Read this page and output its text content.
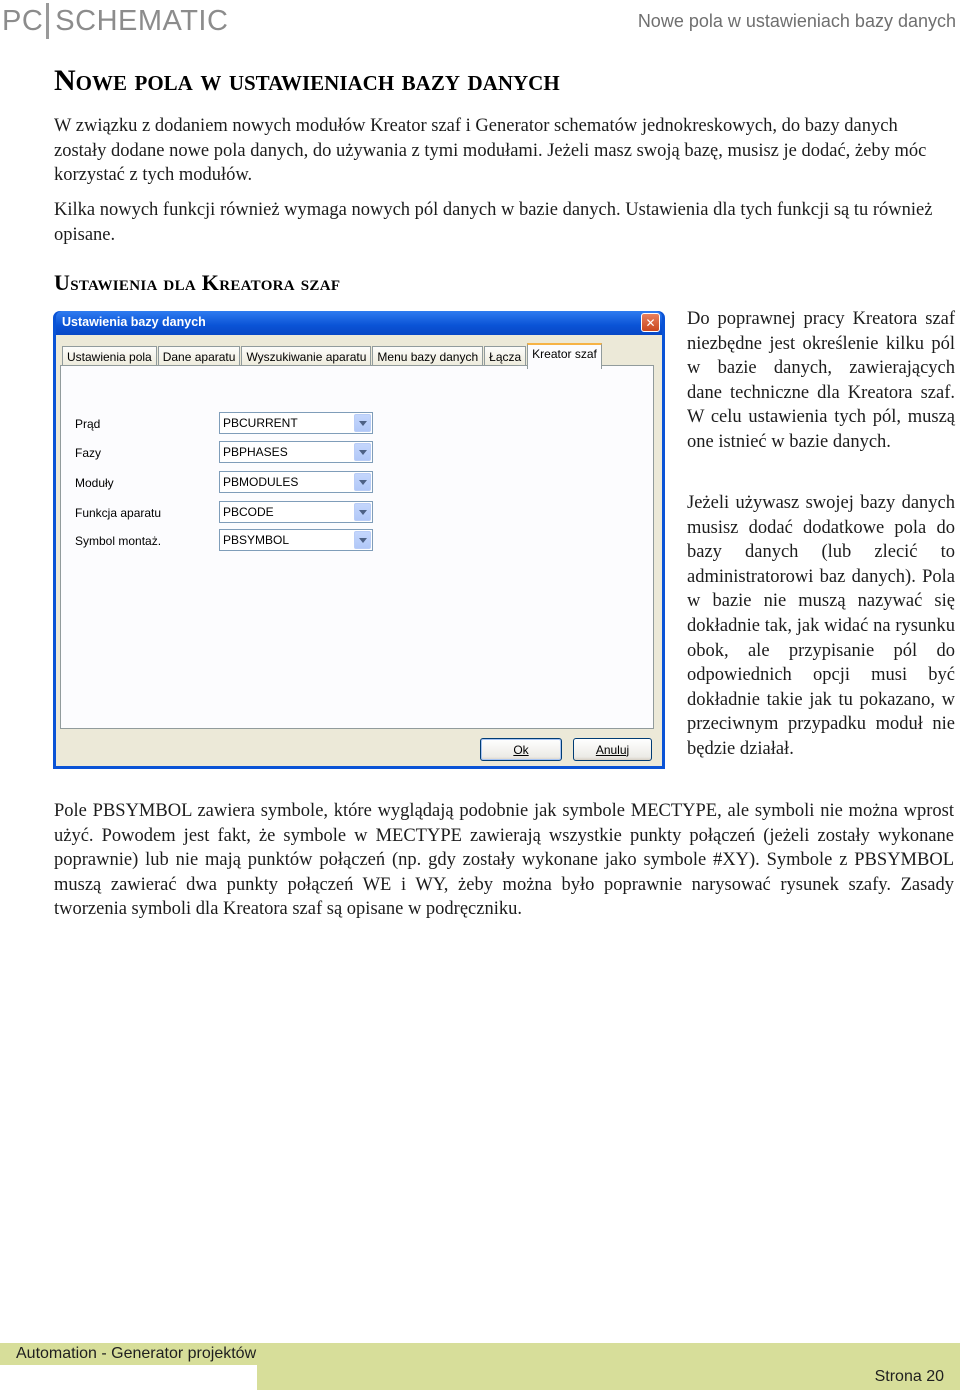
PC SCHEMATIC	Nowe pola w ustawieniach bazy danych
Nowe pola w ustawieniach bazy danych

W związku z dodaniem nowych modułów Kreator szaf i Generator schematów jednokreskowych, do bazy danych zostały dodane nowe pola danych, do używania z tymi modułami. Jeżeli masz swoją bazę, musisz je dodać, żeby móc korzystać z tych modułów.

Kilka nowych funkcji również wymaga nowych pól danych w bazie danych. Ustawienia dla tych funkcji są tu również opisane.

Ustawienia dla Kreatora szaf
Ustawienia bazy danych	✕
Ustawienia pola Dane aparatu Wyszukiwanie aparatu Menu bazy danych Łącza Kreator szaf
Prąd	PBCURRENT
Fazy	PBPHASES
Moduły	PBMODULES
Funkcja aparatu	PBCODE
Symbol montaż.	PBSYMBOL
Ok	Anuluj

Do poprawnej pracy Kreatora szaf niezbędne jest określenie kilku pól w bazie danych, zawierających dane techniczne dla Kreatora szaf. W celu ustawienia tych pól, muszą one istnieć w bazie danych.

Jeżeli używasz swojej bazy danych musisz dodać dodatkowe pola do bazy danych (lub zlecić to administratorowi baz danych). Pola w bazie nie muszą nazywać się dokładnie tak, jak widać na rysunku obok, ale przypisanie pól do odpowiednich opcji musi być dokładnie takie jak tu pokazano, w przeciwnym przypadku moduł nie będzie działał.

Pole PBSYMBOL zawiera symbole, które wyglądają podobnie jak symbole MECTYPE, ale symboli nie można wprost użyć. Powodem jest fakt, że symbole w MECTYPE zawierają wszystkie punkty połączeń (jeżeli zostały wykonane poprawnie) lub nie mają punktów połączeń (np. gdy zostały wykonane jako symbole #XY). Symbole z PBSYMBOL muszą zawierać dwa punkty połączeń WE i WY, żeby można było poprawnie narysować rysunek szafy. Zasady tworzenia symboli dla Kreatora szaf są opisane w podręczniku.

Automation - Generator projektów
Strona 20
